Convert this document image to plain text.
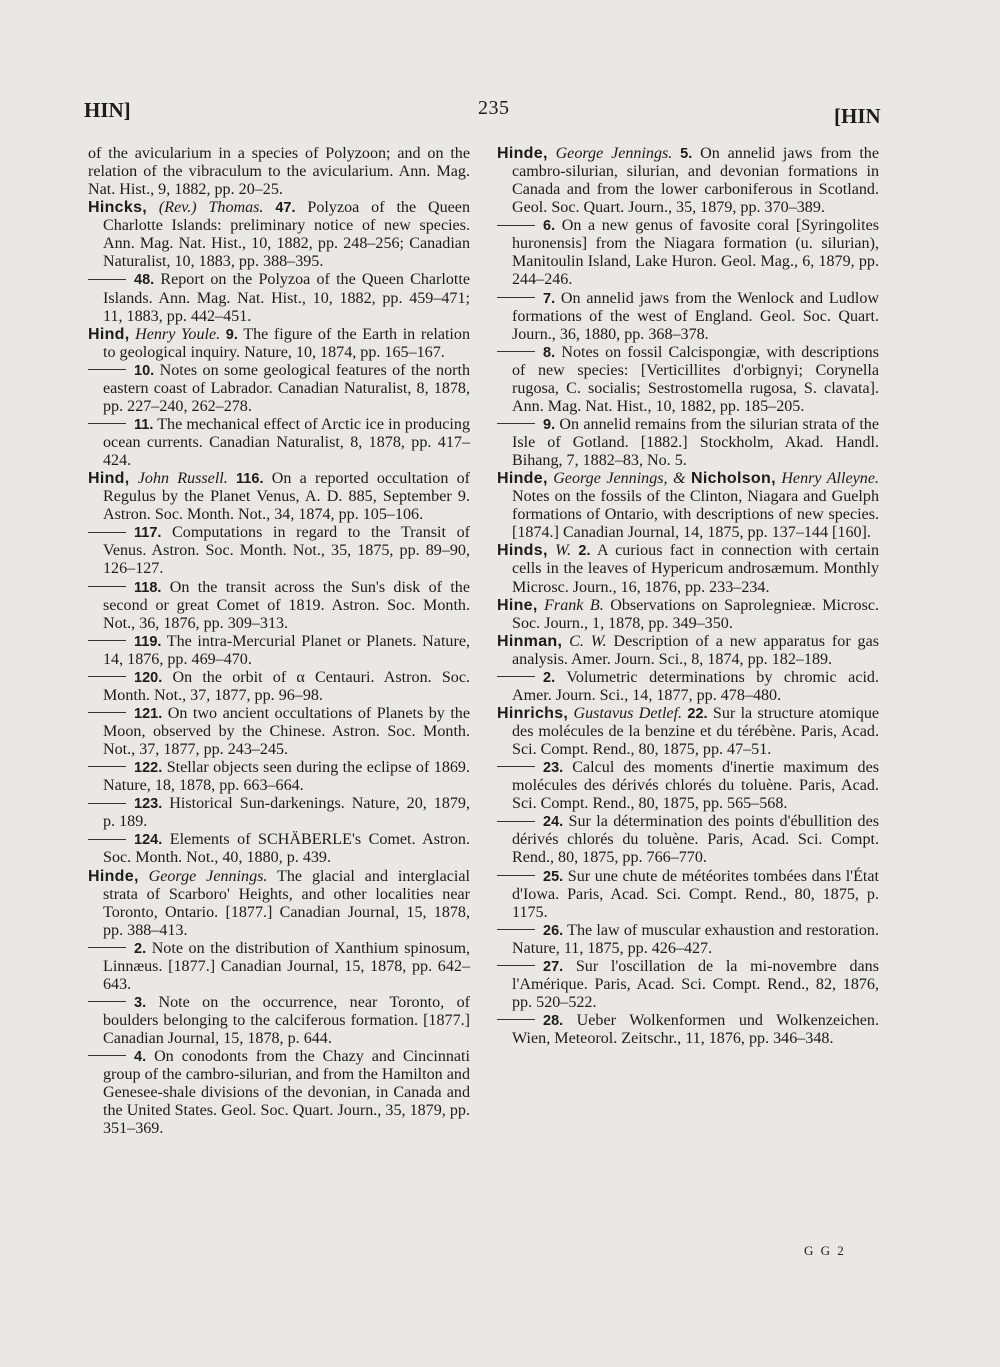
HIN]	235	[HIN

of the avicularium in a species of Polyzoon; and on the relation of the vibraculum to the avicularium. Ann. Mag. Nat. Hist., 9, 1882, pp. 20–25.

Hincks, (Rev.) Thomas. 47. Polyzoa of the Queen Charlotte Islands: preliminary notice of new species. Ann. Mag. Nat. Hist., 10, 1882, pp. 248–256; Canadian Naturalist, 10, 1883, pp. 388–395.

48. Report on the Polyzoa of the Queen Charlotte Islands. Ann. Mag. Nat. Hist., 10, 1882, pp. 459–471; 11, 1883, pp. 442–451.

Hind, Henry Youle. 9. The figure of the Earth in relation to geological inquiry. Nature, 10, 1874, pp. 165–167.

10. Notes on some geological features of the north eastern coast of Labrador. Canadian Naturalist, 8, 1878, pp. 227–240, 262–278.

11. The mechanical effect of Arctic ice in producing ocean currents. Canadian Naturalist, 8, 1878, pp. 417–424.

Hind, John Russell. 116. On a reported occultation of Regulus by the Planet Venus, A. D. 885, September 9. Astron. Soc. Month. Not., 34, 1874, pp. 105–106.

117. Computations in regard to the Transit of Venus. Astron. Soc. Month. Not., 35, 1875, pp. 89–90, 126–127.

118. On the transit across the Sun's disk of the second or great Comet of 1819. Astron. Soc. Month. Not., 36, 1876, pp. 309–313.

119. The intra-Mercurial Planet or Planets. Nature, 14, 1876, pp. 469–470.

120. On the orbit of α Centauri. Astron. Soc. Month. Not., 37, 1877, pp. 96–98.

121. On two ancient occultations of Planets by the Moon, observed by the Chinese. Astron. Soc. Month. Not., 37, 1877, pp. 243–245.

122. Stellar objects seen during the eclipse of 1869. Nature, 18, 1878, pp. 663–664.

123. Historical Sun-darkenings. Nature, 20, 1879, p. 189.

124. Elements of SCHÄBERLE's Comet. Astron. Soc. Month. Not., 40, 1880, p. 439.

Hinde, George Jennings. The glacial and interglacial strata of Scarboro' Heights, and other localities near Toronto, Ontario. [1877.] Canadian Journal, 15, 1878, pp. 388–413.

2. Note on the distribution of Xanthium spinosum, Linnæus. [1877.] Canadian Journal, 15, 1878, pp. 642–643.

3. Note on the occurrence, near Toronto, of boulders belonging to the calciferous formation. [1877.] Canadian Journal, 15, 1878, p. 644.

4. On conodonts from the Chazy and Cincinnati group of the cambro-silurian, and from the Hamilton and Genesee-shale divisions of the devonian, in Canada and the United States. Geol. Soc. Quart. Journ., 35, 1879, pp. 351–369.

Hinde, George Jennings. 5. On annelid jaws from the cambro-silurian, silurian, and devonian formations in Canada and from the lower carboniferous in Scotland. Geol. Soc. Quart. Journ., 35, 1879, pp. 370–389.

6. On a new genus of favosite coral [Syringolites huronensis] from the Niagara formation (u. silurian), Manitoulin Island, Lake Huron. Geol. Mag., 6, 1879, pp. 244–246.

7. On annelid jaws from the Wenlock and Ludlow formations of the west of England. Geol. Soc. Quart. Journ., 36, 1880, pp. 368–378.

8. Notes on fossil Calcispongiæ, with descriptions of new species: [Verticillites d'orbignyi; Corynella rugosa, C. socialis; Sestrostomella rugosa, S. clavata]. Ann. Mag. Nat. Hist., 10, 1882, pp. 185–205.

9. On annelid remains from the silurian strata of the Isle of Gotland. [1882.] Stockholm, Akad. Handl. Bihang, 7, 1882–83, No. 5.

Hinde, George Jennings, & Nicholson, Henry Alleyne. Notes on the fossils of the Clinton, Niagara and Guelph formations of Ontario, with descriptions of new species. [1874.] Canadian Journal, 14, 1875, pp. 137–144 [160].

Hinds, W. 2. A curious fact in connection with certain cells in the leaves of Hypericum androsæmum. Monthly Microsc. Journ., 16, 1876, pp. 233–234.

Hine, Frank B. Observations on Saprolegnieæ. Microsc. Soc. Journ., 1, 1878, pp. 349–350.

Hinman, C. W. Description of a new apparatus for gas analysis. Amer. Journ. Sci., 8, 1874, pp. 182–189.

2. Volumetric determinations by chromic acid. Amer. Journ. Sci., 14, 1877, pp. 478–480.

Hinrichs, Gustavus Detlef. 22. Sur la structure atomique des molécules de la benzine et du térébène. Paris, Acad. Sci. Compt. Rend., 80, 1875, pp. 47–51.

23. Calcul des moments d'inertie maximum des molécules des dérivés chlorés du toluène. Paris, Acad. Sci. Compt. Rend., 80, 1875, pp. 565–568.

24. Sur la détermination des points d'ébullition des dérivés chlorés du toluène. Paris, Acad. Sci. Compt. Rend., 80, 1875, pp. 766–770.

25. Sur une chute de météorites tombées dans l'État d'Iowa. Paris, Acad. Sci. Compt. Rend., 80, 1875, p. 1175.

26. The law of muscular exhaustion and restoration. Nature, 11, 1875, pp. 426–427.

27. Sur l'oscillation de la mi-novembre dans l'Amérique. Paris, Acad. Sci. Compt. Rend., 82, 1876, pp. 520–522.

28. Ueber Wolkenformen und Wolkenzeichen. Wien, Meteorol. Zeitschr., 11, 1876, pp. 346–348.

G G 2
